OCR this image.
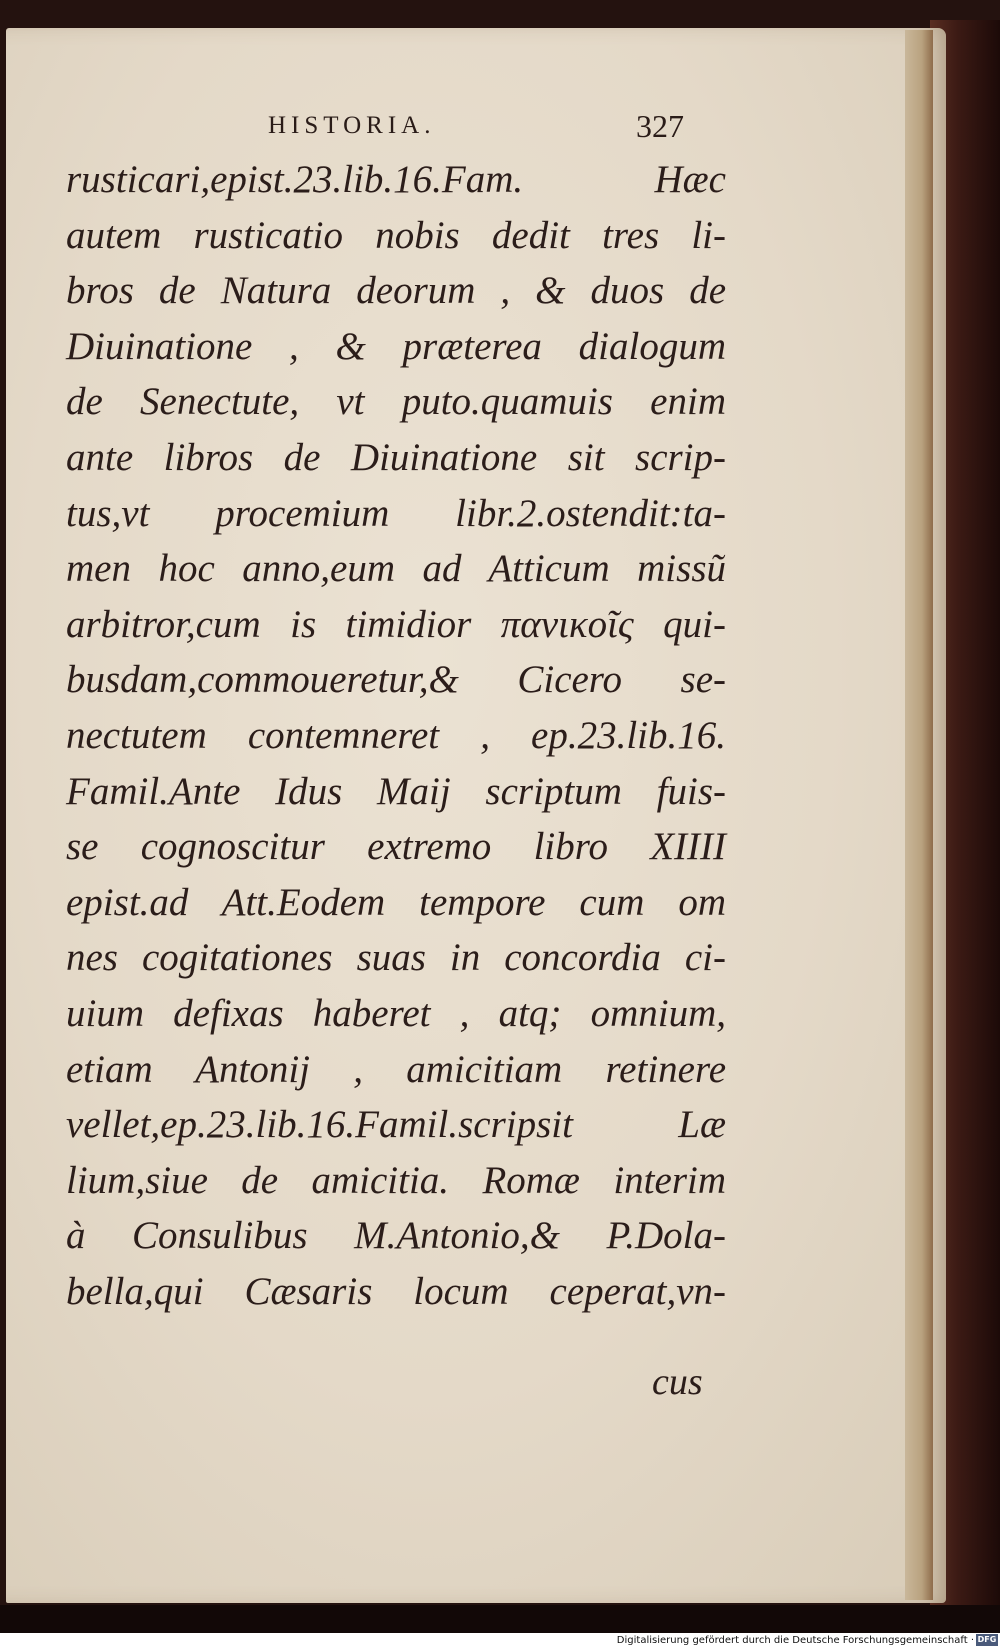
HISTORIA.	327
rusticari,epist.23.lib.16.Fam. Hæc
autem rusticatio nobis dedit tres li-
bros de Natura deorum , & duos de
Diuinatione , & præterea dialogum
de Senectute, vt puto.quamuis enim
ante libros de Diuinatione sit scrip-
tus,vt procemium libr.2.ostendit:ta-
men hoc anno,eum ad Atticum missũ
arbitror,cum is timidior πανικοῖς qui-
busdam,commoueretur,& Cicero se-
nectutem contemneret , ep.23.lib.16.
Famil.Ante Idus Maij scriptum fuis-
se cognoscitur extremo libro XIIII
epist.ad Att.Eodem tempore cum om
nes cogitationes suas in concordia ci-
uium defixas haberet , atq; omnium,
etiam Antonij , amicitiam retinere
vellet,ep.23.lib.16.Famil.scripsit Læ
lium,siue de amicitia. Romæ interim
à Consulibus M.Antonio,& P.Dola-
bella,qui Cæsaris locum ceperat,vn-
cus
Digitalisierung gefördert durch die Deutsche Forschungsgemeinschaft · DFG
